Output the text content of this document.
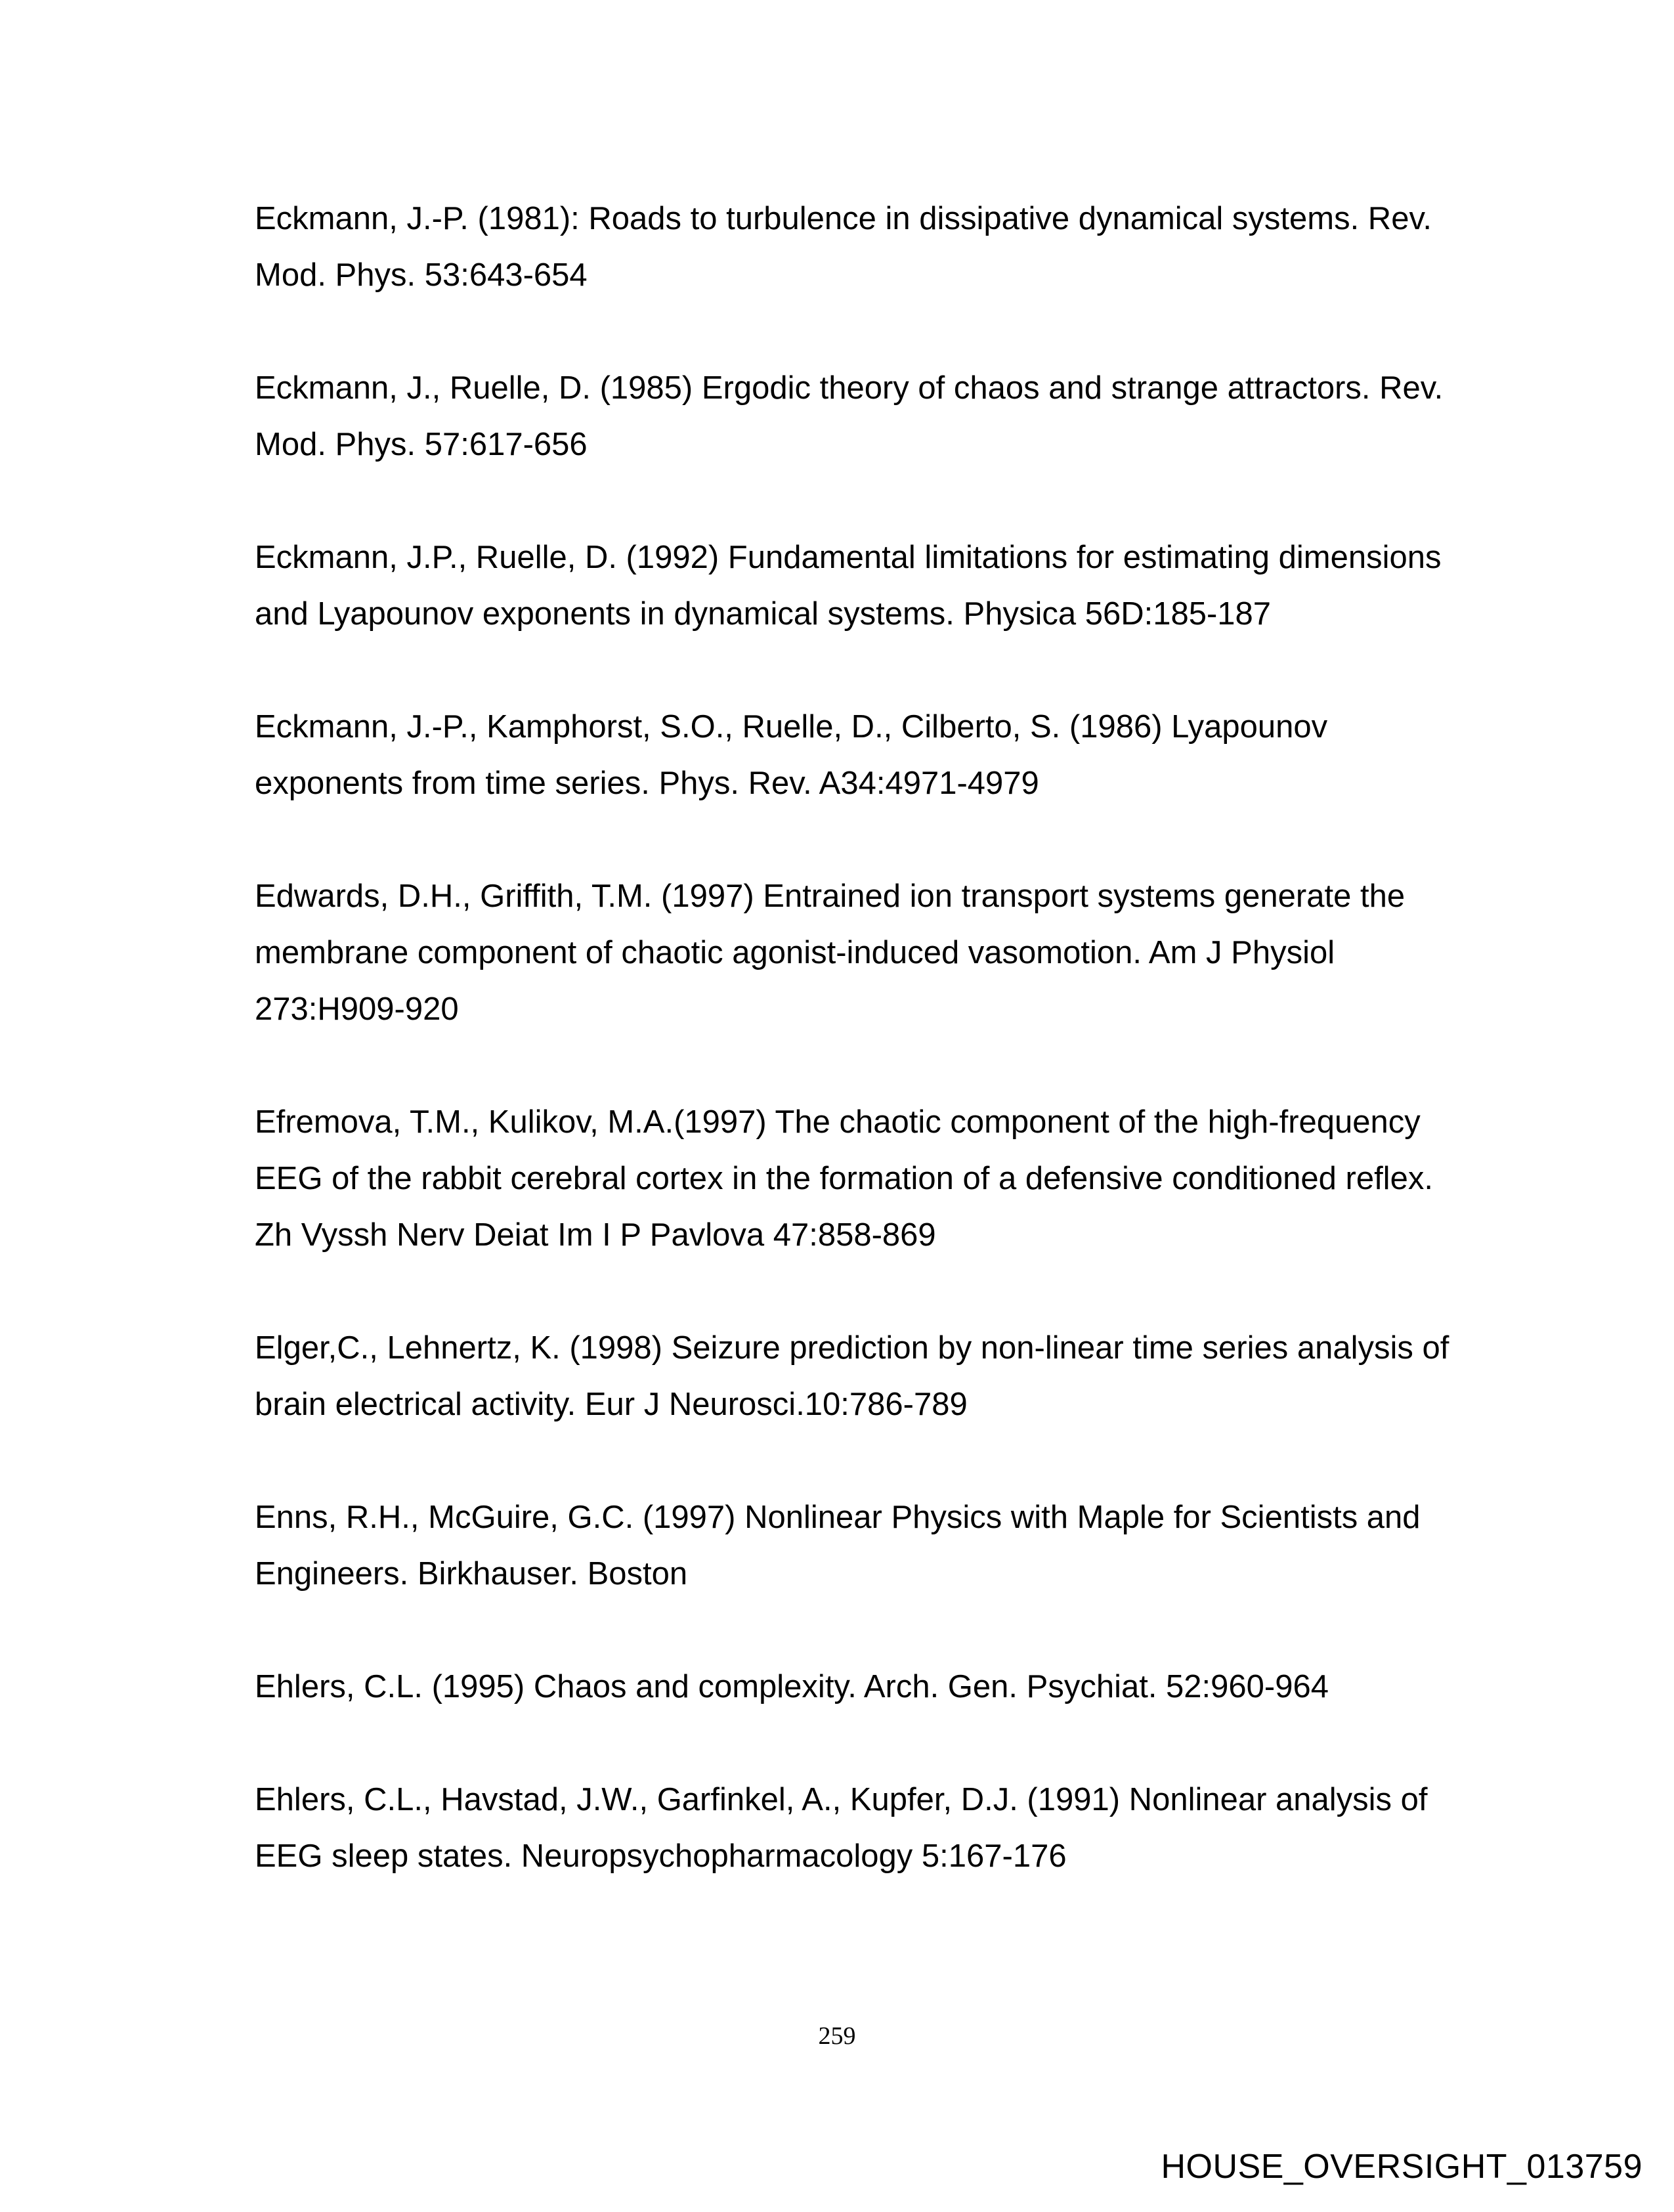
Eckmann, J.-P. (1981): Roads to turbulence in dissipative dynamical systems. Rev.
Mod. Phys. 53:643-654
Eckmann, J., Ruelle, D. (1985) Ergodic theory of chaos and strange attractors. Rev.
Mod. Phys. 57:617-656
Eckmann, J.P., Ruelle, D. (1992) Fundamental limitations for estimating dimensions
and Lyapounov exponents in dynamical systems. Physica 56D:185-187
Eckmann, J.-P., Kamphorst, S.O., Ruelle, D., Cilberto, S. (1986) Lyapounov
exponents from time series. Phys. Rev. A34:4971-4979
Edwards, D.H., Griffith, T.M. (1997) Entrained ion transport systems generate the
membrane component of chaotic agonist-induced vasomotion. Am J Physiol
273:H909-920
Efremova, T.M., Kulikov, M.A.(1997) The chaotic component of the high-frequency
EEG of the rabbit cerebral cortex in the formation of a defensive conditioned reflex.
Zh Vyssh Nerv Deiat Im I P Pavlova 47:858-869
Elger,C., Lehnertz, K. (1998) Seizure prediction by non-linear time series analysis of
brain electrical activity. Eur J Neurosci.10:786-789
Enns, R.H., McGuire, G.C. (1997) Nonlinear Physics with Maple for Scientists and
Engineers. Birkhauser. Boston
Ehlers, C.L. (1995) Chaos and complexity. Arch. Gen. Psychiat. 52:960-964
Ehlers, C.L., Havstad, J.W., Garfinkel, A., Kupfer, D.J. (1991) Nonlinear analysis of
EEG sleep states. Neuropsychopharmacology 5:167-176
259
HOUSE_OVERSIGHT_013759
